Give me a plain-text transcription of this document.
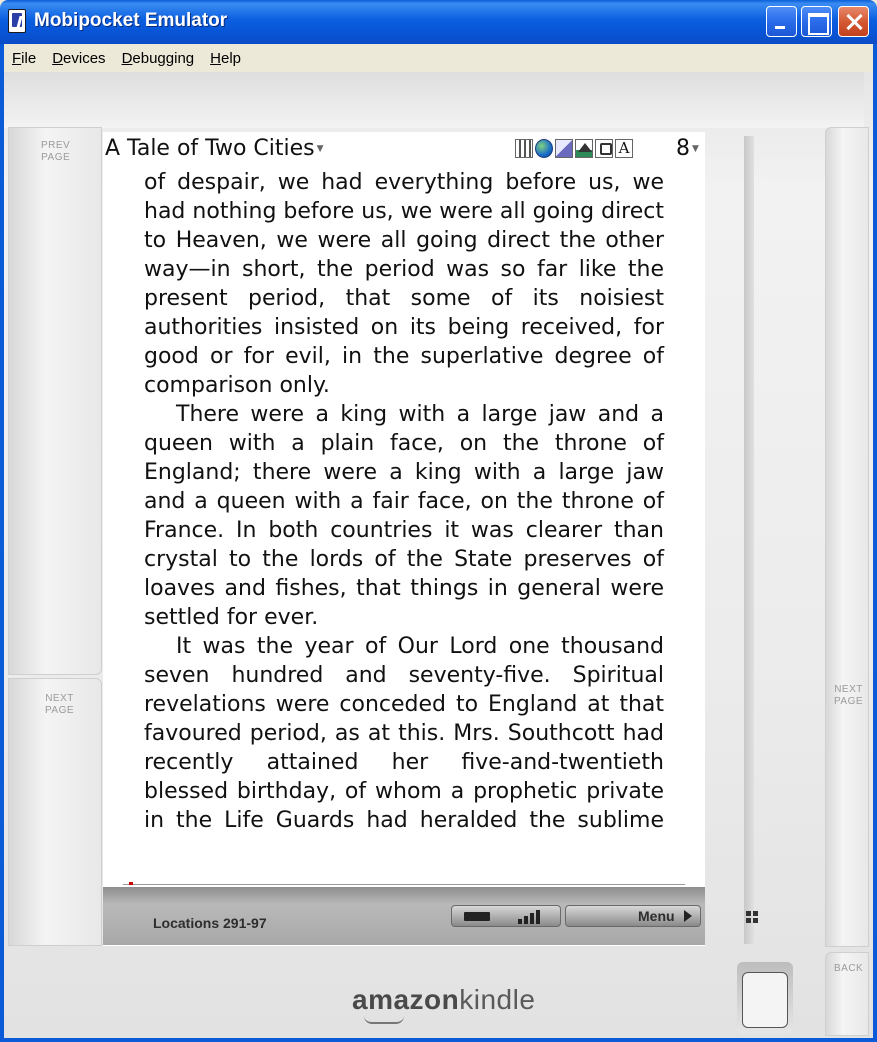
Mobipocket Emulator
File	Devices	Debugging	Help
PREV
PAGE
NEXT
PAGE
NEXT
PAGE
BACK
A Tale of Two Cities ▼	A 8 ▼

of despair, we had everything before us, we had nothing before us, we were all going direct to Heaven, we were all going direct the other way—in short, the period was so far like the present period, that some of its noisiest authorities insisted on its being received, for good or for evil, in the superlative degree of comparison only.

There were a king with a large jaw and a queen with a plain face, on the throne of England; there were a king with a large jaw and a queen with a fair face, on the throne of France. In both countries it was clearer than crystal to the lords of the State preserves of loaves and fishes, that things in general were settled for ever.

It was the year of Our Lord one thousand seven hundred and seventy-five. Spiritual revelations were conceded to England at that favoured period, as at this. Mrs. Southcott had recently attained her five-and-twentieth blessed birthday, of whom a prophetic private in the Life Guards had heralded the sublime

Locations 291-97	Menu
amazonkindle
